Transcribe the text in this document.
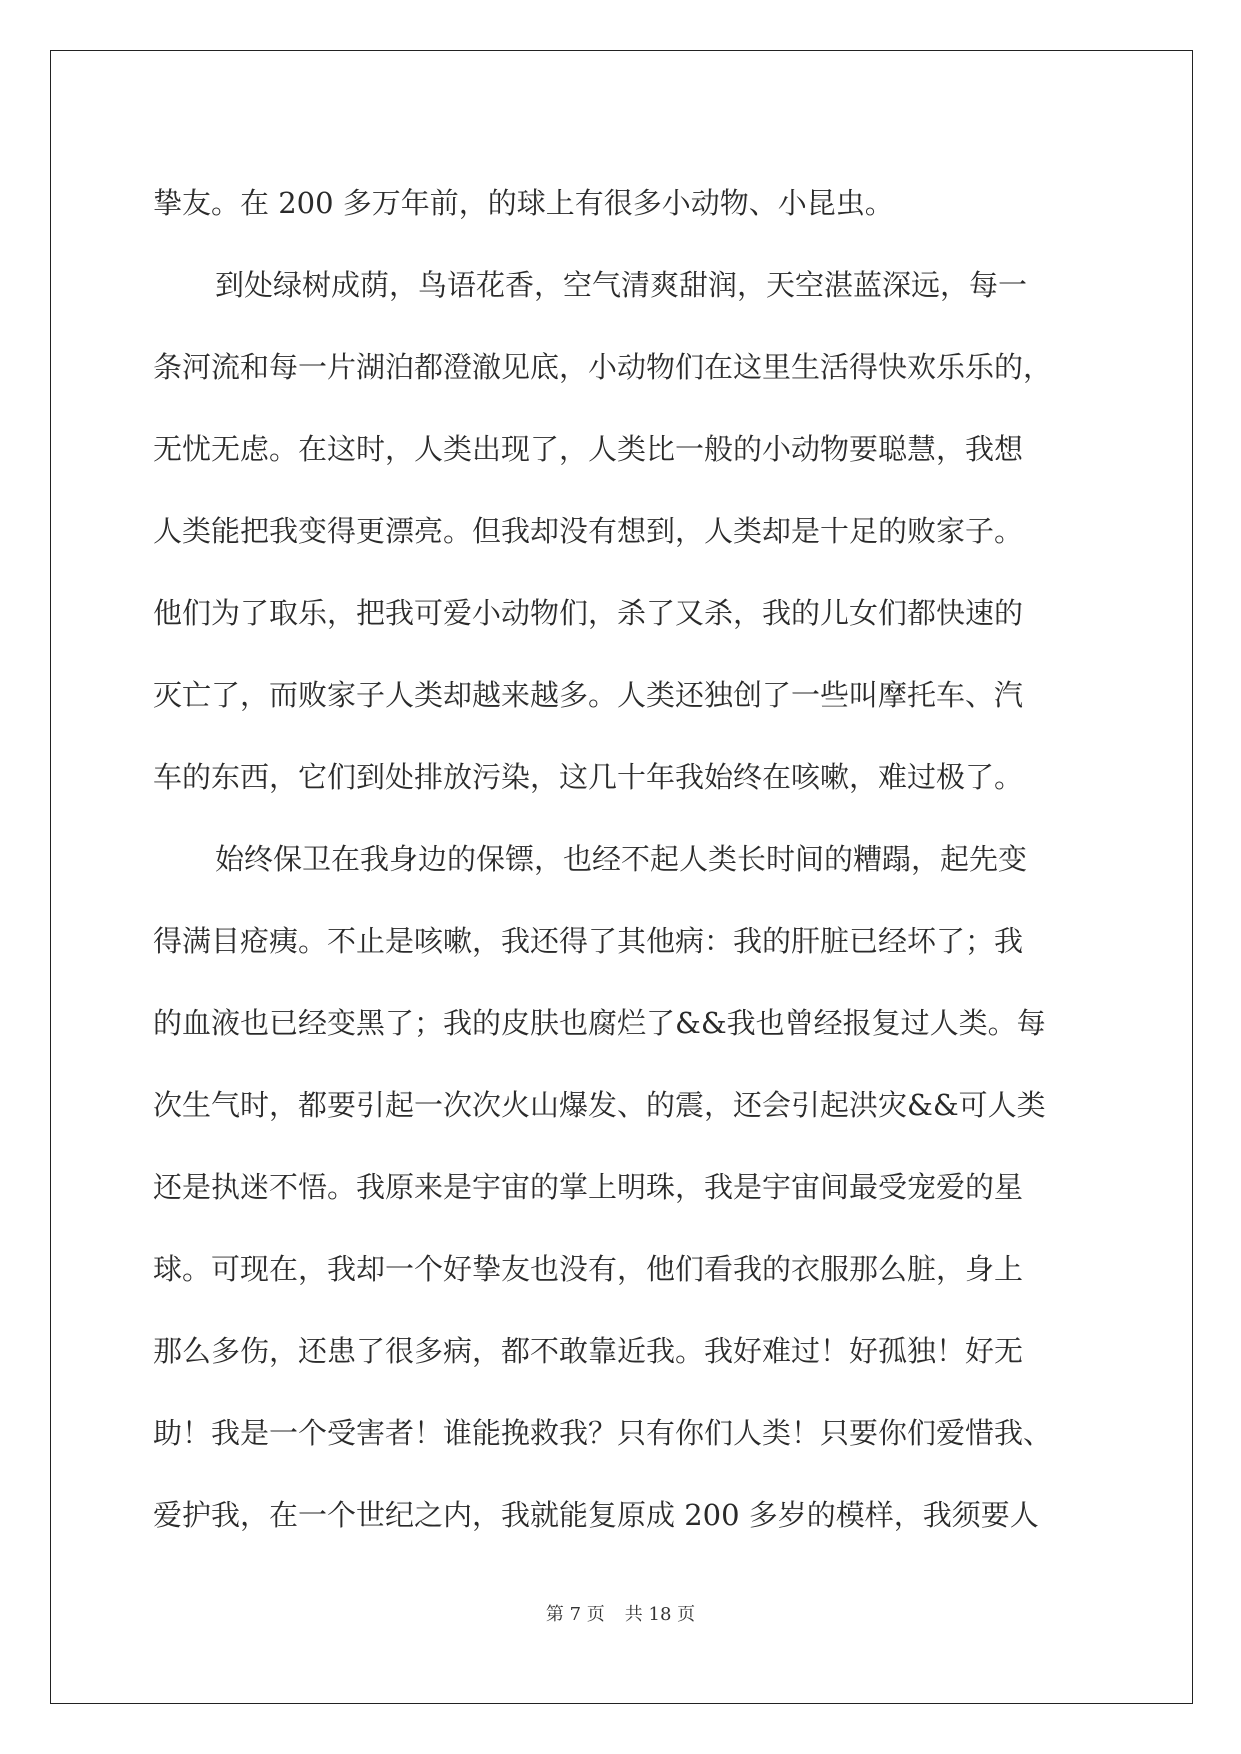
挚友。在 200 多万年前，的球上有很多小动物、小昆虫。
到处绿树成荫，鸟语花香，空气清爽甜润，天空湛蓝深远，每一
条河流和每一片湖泊都澄澈见底，小动物们在这里生活得快欢乐乐的，
无忧无虑。在这时，人类出现了，人类比一般的小动物要聪慧，我想
人类能把我变得更漂亮。但我却没有想到，人类却是十足的败家子。
他们为了取乐，把我可爱小动物们，杀了又杀，我的儿女们都快速的
灭亡了，而败家子人类却越来越多。人类还独创了一些叫摩托车、汽
车的东西，它们到处排放污染，这几十年我始终在咳嗽，难过极了。
始终保卫在我身边的保镖，也经不起人类长时间的糟蹋，起先变
得满目疮痍。不止是咳嗽，我还得了其他病：我的肝脏已经坏了；我
的血液也已经变黑了；我的皮肤也腐烂了&&我也曾经报复过人类。每
次生气时，都要引起一次次火山爆发、的震，还会引起洪灾&&可人类
还是执迷不悟。我原来是宇宙的掌上明珠，我是宇宙间最受宠爱的星
球。可现在，我却一个好挚友也没有，他们看我的衣服那么脏，身上
那么多伤，还患了很多病，都不敢靠近我。我好难过！好孤独！好无
助！我是一个受害者！谁能挽救我？只有你们人类！只要你们爱惜我、
爱护我，在一个世纪之内，我就能复原成 200 多岁的模样，我须要人
第 7 页 共 18 页
